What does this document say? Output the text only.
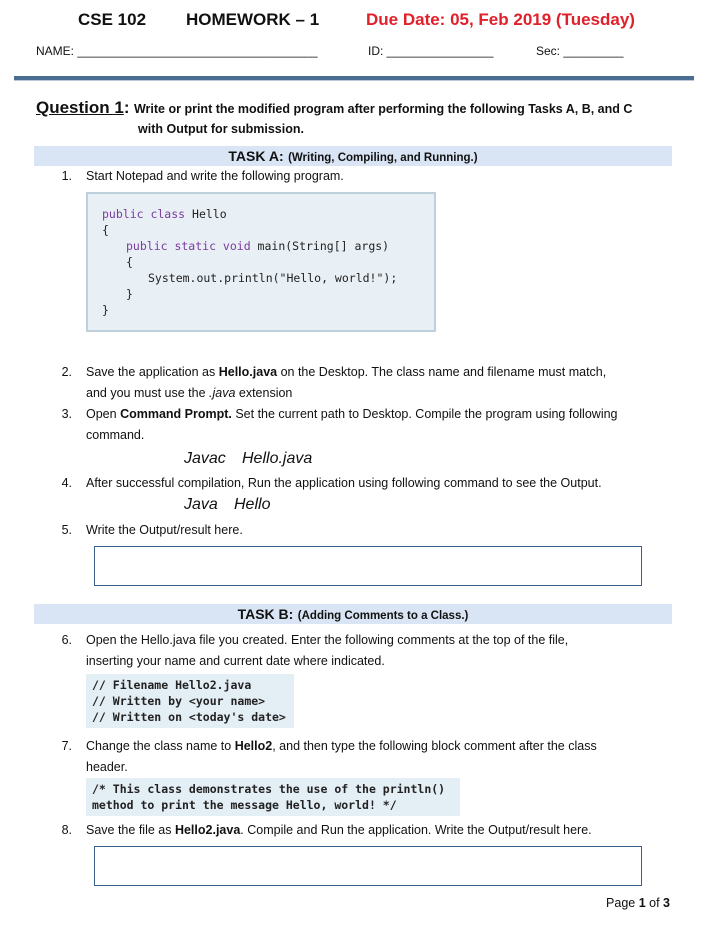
CSE 102 HOMEWORK – 1	Due Date: 05, Feb 2019 (Tuesday)
NAME: ____________________________________	ID: ________________	Sec: _________
Question 1: Write or print the modified program after performing the following Tasks A, B, and C
with Output for submission.
TASK A: (Writing, Compiling, and Running.)
1. Start Notepad and write the following program.
public class Hello
{
public static void main(String[] args)
{
System.out.println("Hello, world!");
}
}
2. Save the application as Hello.java on the Desktop. The class name and filename must match,
and you must use the .java extension
3. Open Command Prompt. Set the current path to Desktop. Compile the program using following
command.
Javac Hello.java
4. After successful compilation, Run the application using following command to see the Output.
Java Hello
5. Write the Output/result here.
TASK B: (Adding Comments to a Class.)
6. Open the Hello.java file you created. Enter the following comments at the top of the file,
inserting your name and current date where indicated.
// Filename Hello2.java
// Written by <your name>
// Written on <today's date>
7. Change the class name to Hello2, and then type the following block comment after the class
header.
/* This class demonstrates the use of the println()
method to print the message Hello, world! */
8. Save the file as Hello2.java. Compile and Run the application. Write the Output/result here.
Page 1 of 3
